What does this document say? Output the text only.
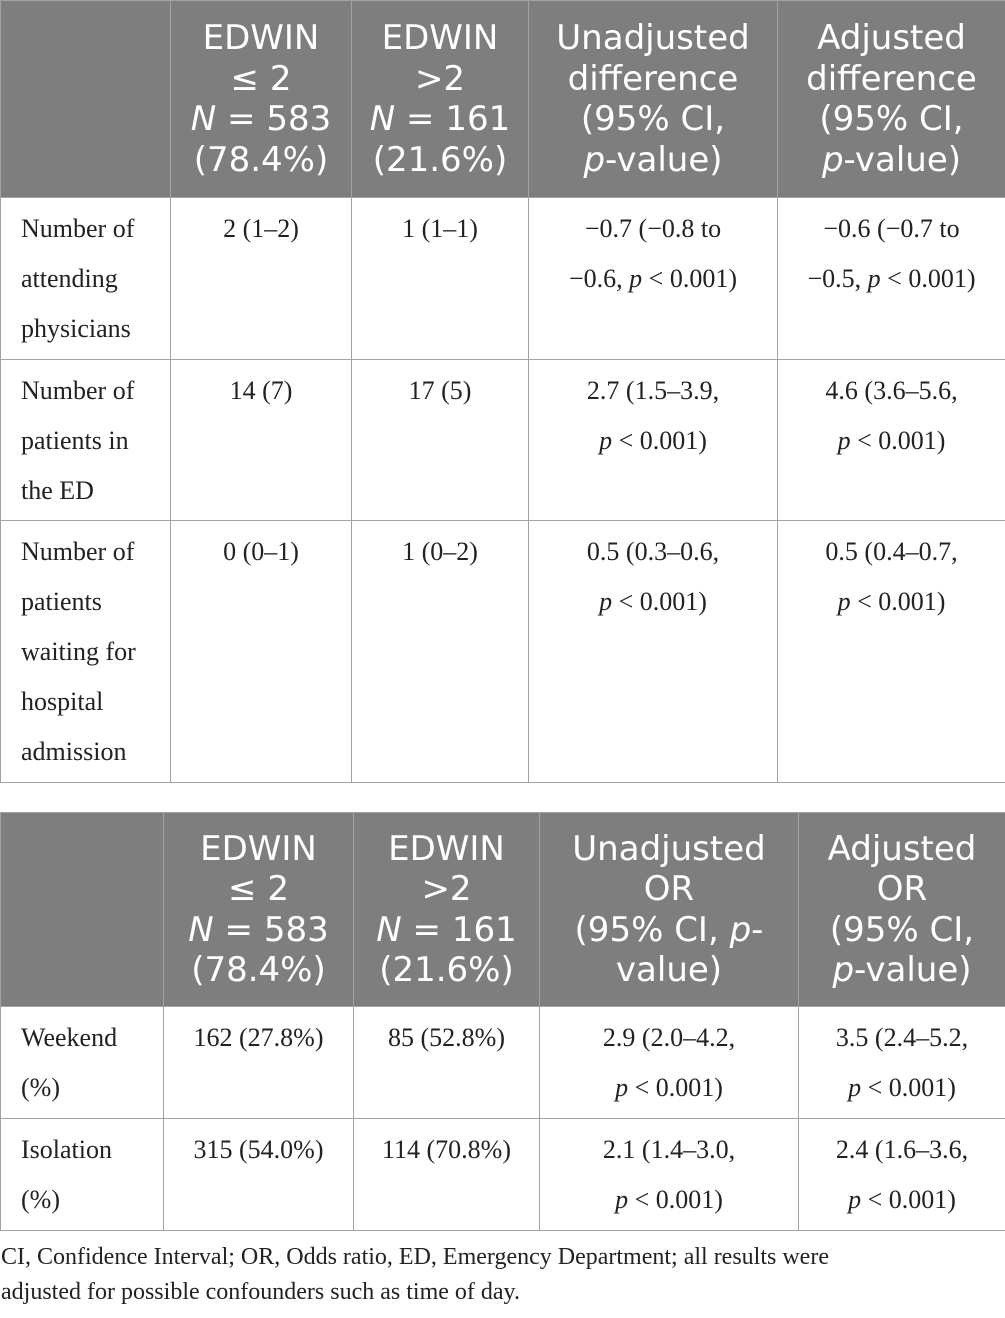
	EDWIN
≤ 2
N = 583
(78.4%)	EDWIN
>2
N = 161
(21.6%)	Unadjusted
difference
(95% CI,
p-value)	Adjusted
difference
(95% CI,
p-value)

Number of
attending
physicians	2 (1–2)	1 (1–1)	−0.7 (−0.8 to
−0.6, p < 0.001)	−0.6 (−0.7 to
−0.5, p < 0.001)

Number of
patients in
the ED	14 (7)	17 (5)	2.7 (1.5–3.9,
p < 0.001)	4.6 (3.6–5.6,
p < 0.001)

Number of
patients
waiting for
hospital
admission	0 (0–1)	1 (0–2)	0.5 (0.3–0.6,
p < 0.001)	0.5 (0.4–0.7,
p < 0.001)

	EDWIN
≤ 2
N = 583
(78.4%)	EDWIN
>2
N = 161
(21.6%)	Unadjusted
OR
(95% CI, p-
value)	Adjusted
OR
(95% CI,
p-value)

Weekend
(%)	162 (27.8%)	85 (52.8%)	2.9 (2.0–4.2,
p < 0.001)	3.5 (2.4–5.2,
p < 0.001)

Isolation
(%)	315 (54.0%)	114 (70.8%)	2.1 (1.4–3.0,
p < 0.001)	2.4 (1.6–3.6,
p < 0.001)
CI, Confidence Interval; OR, Odds ratio, ED, Emergency Department; all results were
adjusted for possible confounders such as time of day.
